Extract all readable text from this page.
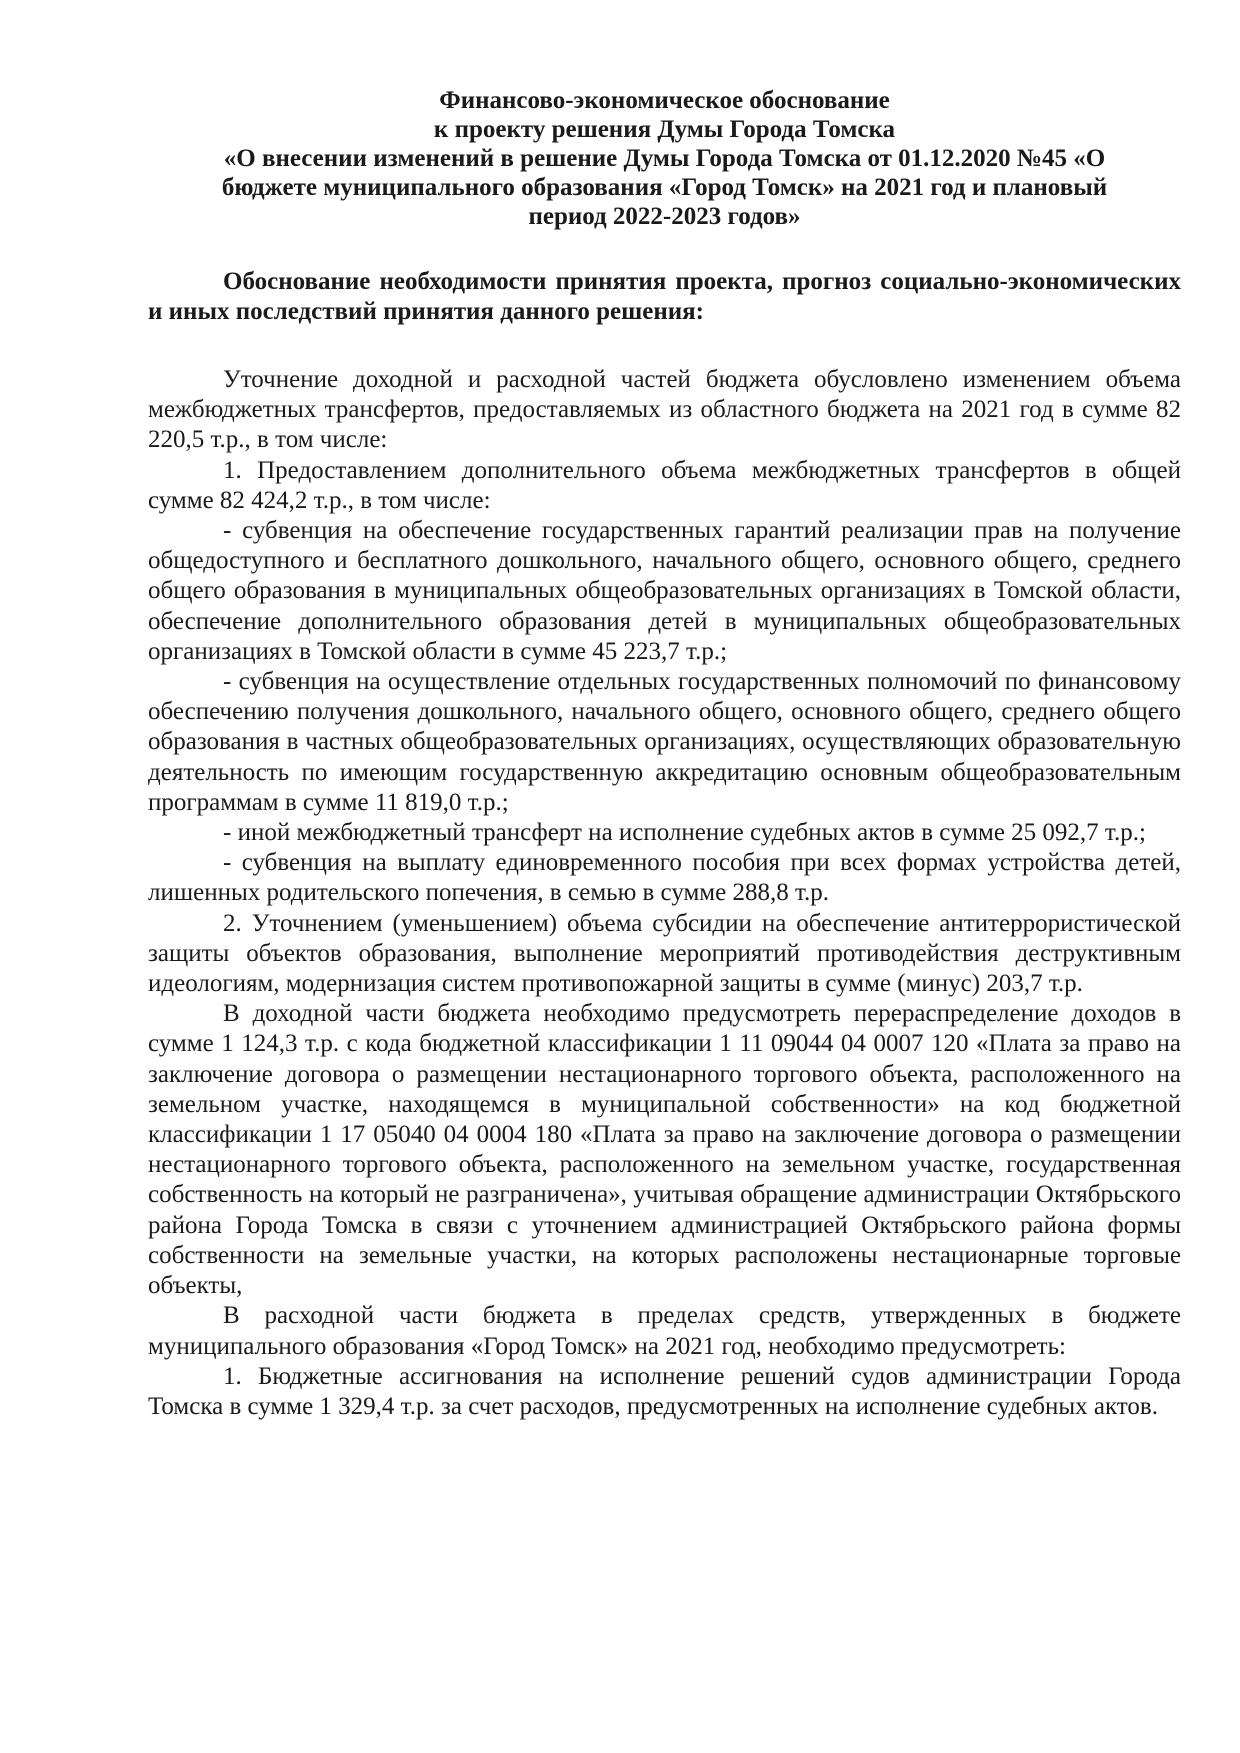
Финансово-экономическое обоснование
к проекту решения Думы Города Томска
«О внесении изменений в решение Думы Города Томска от 01.12.2020 №45 «О
бюджете муниципального образования «Город Томск» на 2021 год и плановый
период 2022-2023 годов»

Обоснование необходимости принятия проекта, прогноз социально-экономических и иных последствий принятия данного решения:

Уточнение доходной и расходной частей бюджета обусловлено изменением объема межбюджетных трансфертов, предоставляемых из областного бюджета на 2021 год в сумме 82 220,5 т.р., в том числе:

1. Предоставлением дополнительного объема межбюджетных трансфертов в общей сумме 82 424,2 т.р., в том числе:

- субвенция на обеспечение государственных гарантий реализации прав на получение общедоступного и бесплатного дошкольного, начального общего, основного общего, среднего общего образования в муниципальных общеобразовательных организациях в Томской области, обеспечение дополнительного образования детей в муниципальных общеобразовательных организациях в Томской области в сумме 45 223,7 т.р.;

- субвенция на осуществление отдельных государственных полномочий по финансовому обеспечению получения дошкольного, начального общего, основного общего, среднего общего образования в частных общеобразовательных организациях, осуществляющих образовательную деятельность по имеющим государственную аккредитацию основным общеобразовательным программам в сумме 11 819,0 т.р.;

- иной межбюджетный трансферт на исполнение судебных актов в сумме 25 092,7 т.р.;

- субвенция на выплату единовременного пособия при всех формах устройства детей, лишенных родительского попечения, в семью в сумме 288,8 т.р.

2. Уточнением (уменьшением) объема субсидии на обеспечение антитеррористической защиты объектов образования, выполнение мероприятий противодействия деструктивным идеологиям, модернизация систем противопожарной защиты в сумме (минус) 203,7 т.р.

В доходной части бюджета необходимо предусмотреть перераспределение доходов в сумме 1 124,3 т.р. с кода бюджетной классификации 1 11 09044 04 0007 120 «Плата за право на заключение договора о размещении нестационарного торгового объекта, расположенного на земельном участке, находящемся в муниципальной собственности» на код бюджетной классификации 1 17 05040 04 0004 180 «Плата за право на заключение договора о размещении нестационарного торгового объекта, расположенного на земельном участке, государственная собственность на который не разграничена», учитывая обращение администрации Октябрьского района Города Томска в связи с уточнением администрацией Октябрьского района формы собственности на земельные участки, на которых расположены нестационарные торговые объекты,

В расходной части бюджета в пределах средств, утвержденных в бюджете муниципального образования «Город Томск» на 2021 год, необходимо предусмотреть:

1. Бюджетные ассигнования на исполнение решений судов администрации Города Томска в сумме 1 329,4 т.р. за счет расходов, предусмотренных на исполнение судебных актов.
